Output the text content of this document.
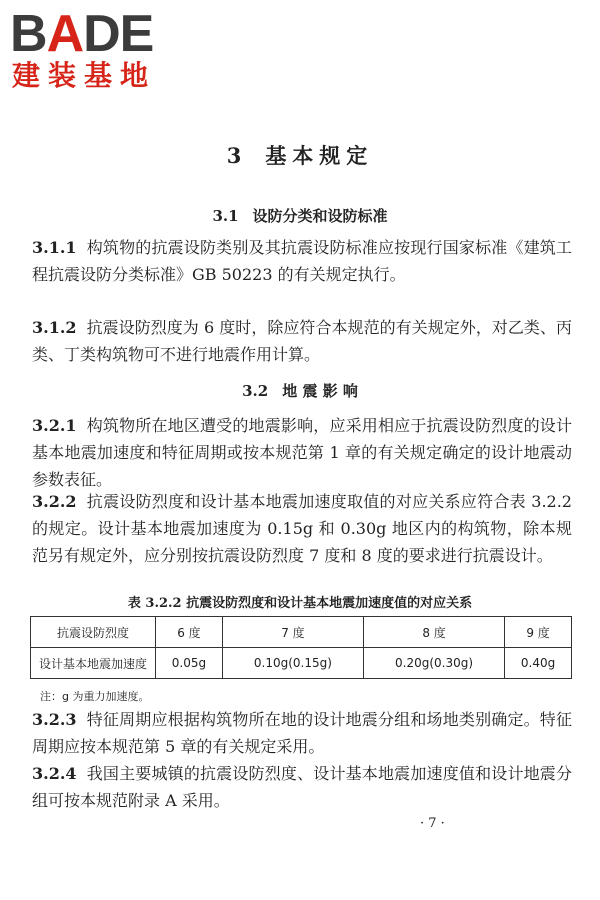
BADE
建装基地
3 基本规定
3.1 设防分类和设防标准
3.1.1 构筑物的抗震设防类别及其抗震设防标准应按现行国家标准《建筑工程抗震设防分类标准》GB 50223 的有关规定执行。
3.1.2 抗震设防烈度为 6 度时，除应符合本规范的有关规定外，对乙类、丙类、丁类构筑物可不进行地震作用计算。
3.2 地 震 影 响
3.2.1 构筑物所在地区遭受的地震影响，应采用相应于抗震设防烈度的设计基本地震加速度和特征周期或按本规范第 1 章的有关规定确定的设计地震动参数表征。
3.2.2 抗震设防烈度和设计基本地震加速度取值的对应关系应符合表 3.2.2 的规定。设计基本地震加速度为 0.15g 和 0.30g 地区内的构筑物，除本规范另有规定外，应分别按抗震设防烈度 7 度和 8 度的要求进行抗震设计。
表 3.2.2 抗震设防烈度和设计基本地震加速度值的对应关系
抗震设防烈度	6 度	7 度	8 度	9 度
设计基本地震加速度	0.05g	0.10g(0.15g)	0.20g(0.30g)	0.40g
注：g 为重力加速度。
3.2.3 特征周期应根据构筑物所在地的设计地震分组和场地类别确定。特征周期应按本规范第 5 章的有关规定采用。
3.2.4 我国主要城镇的抗震设防烈度、设计基本地震加速度值和设计地震分组可按本规范附录 A 采用。
· 7 ·
